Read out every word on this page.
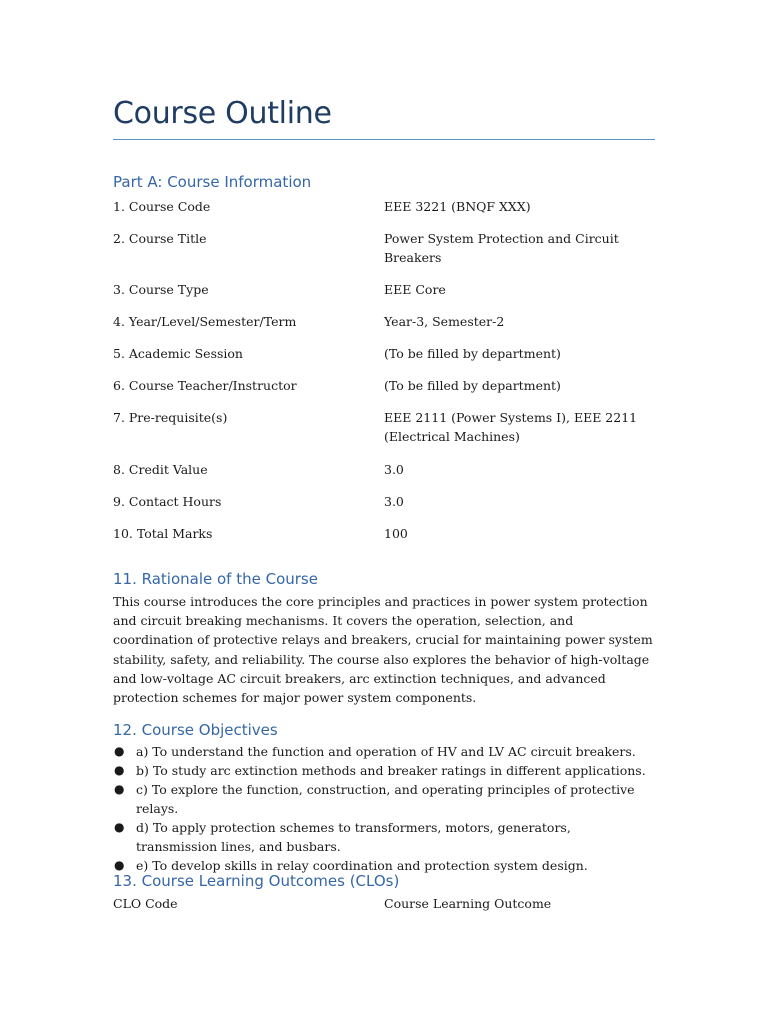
Course Outline
Part A: Course Information
1. Course Code	EEE 3221 (BNQF XXX)
2. Course Title	Power System Protection and Circuit Breakers
3. Course Type	EEE Core
4. Year/Level/Semester/Term	Year-3, Semester-2
5. Academic Session	(To be filled by department)
6. Course Teacher/Instructor	(To be filled by department)
7. Pre-requisite(s)	EEE 2111 (Power Systems I), EEE 2211 (Electrical Machines)
8. Credit Value	3.0
9. Contact Hours	3.0
10. Total Marks	100
11. Rationale of the Course

This course introduces the core principles and practices in power system protection and circuit breaking mechanisms. It covers the operation, selection, and coordination of protective relays and breakers, crucial for maintaining power system stability, safety, and reliability. The course also explores the behavior of high-voltage and low-voltage AC circuit breakers, arc extinction techniques, and advanced protection schemes for major power system components.

12. Course Objectives
● a) To understand the function and operation of HV and LV AC circuit breakers.
● b) To study arc extinction methods and breaker ratings in different applications.
● c) To explore the function, construction, and operating principles of protective relays.
● d) To apply protection schemes to transformers, motors, generators, transmission lines, and busbars.
● e) To develop skills in relay coordination and protection system design.
13. Course Learning Outcomes (CLOs)
CLO Code	Course Learning Outcome
